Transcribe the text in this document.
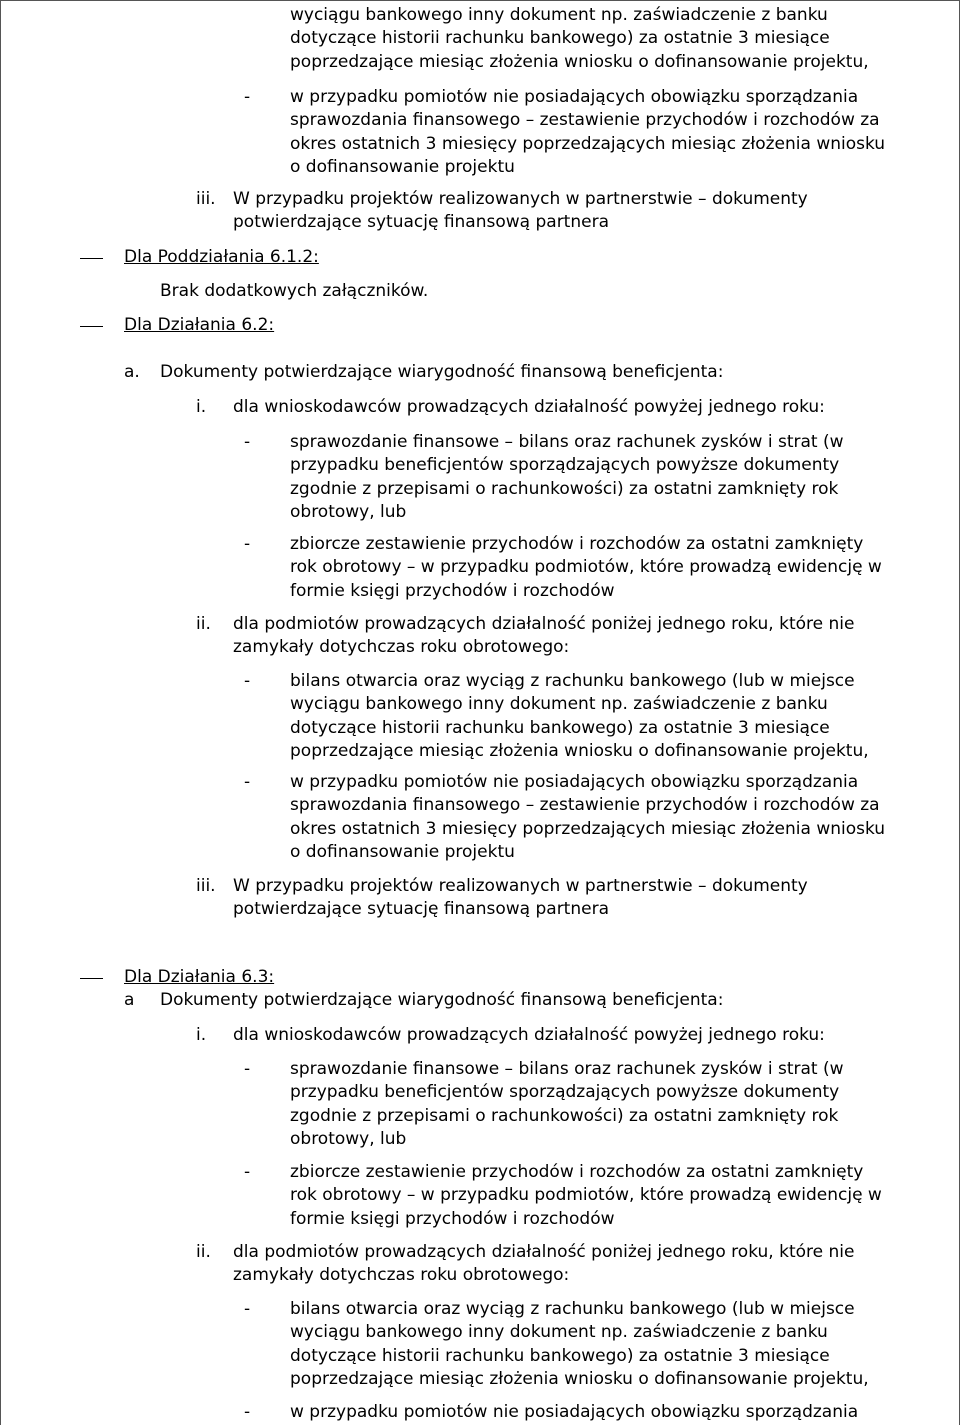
wyciągu bankowego inny dokument np. zaświadczenie z banku
dotyczące historii rachunku bankowego) za ostatnie 3 miesiące
poprzedzające miesiąc złożenia wniosku o dofinansowanie projektu,
- w przypadku pomiotów nie posiadających obowiązku sporządzania
sprawozdania finansowego – zestawienie przychodów i rozchodów za
okres ostatnich 3 miesięcy poprzedzających miesiąc złożenia wniosku
o dofinansowanie projektu
iii. W przypadku projektów realizowanych w partnerstwie – dokumenty
potwierdzające sytuację finansową partnera
Dla Poddziałania 6.1.2:
Brak dodatkowych załączników.
Dla Działania 6.2:
a. Dokumenty potwierdzające wiarygodność finansową beneficjenta:
i. dla wnioskodawców prowadzących działalność powyżej jednego roku:
- sprawozdanie finansowe – bilans oraz rachunek zysków i strat (w
przypadku beneficjentów sporządzających powyższe dokumenty
zgodnie z przepisami o rachunkowości) za ostatni zamknięty rok
obrotowy, lub
- zbiorcze zestawienie przychodów i rozchodów za ostatni zamknięty
rok obrotowy – w przypadku podmiotów, które prowadzą ewidencję w
formie księgi przychodów i rozchodów
ii. dla podmiotów prowadzących działalność poniżej jednego roku, które nie
zamykały dotychczas roku obrotowego:
- bilans otwarcia oraz wyciąg z rachunku bankowego (lub w miejsce
wyciągu bankowego inny dokument np. zaświadczenie z banku
dotyczące historii rachunku bankowego) za ostatnie 3 miesiące
poprzedzające miesiąc złożenia wniosku o dofinansowanie projektu,
- w przypadku pomiotów nie posiadających obowiązku sporządzania
sprawozdania finansowego – zestawienie przychodów i rozchodów za
okres ostatnich 3 miesięcy poprzedzających miesiąc złożenia wniosku
o dofinansowanie projektu
iii. W przypadku projektów realizowanych w partnerstwie – dokumenty
potwierdzające sytuację finansową partnera
Dla Działania 6.3:
a Dokumenty potwierdzające wiarygodność finansową beneficjenta:
i. dla wnioskodawców prowadzących działalność powyżej jednego roku:
- sprawozdanie finansowe – bilans oraz rachunek zysków i strat (w
przypadku beneficjentów sporządzających powyższe dokumenty
zgodnie z przepisami o rachunkowości) za ostatni zamknięty rok
obrotowy, lub
- zbiorcze zestawienie przychodów i rozchodów za ostatni zamknięty
rok obrotowy – w przypadku podmiotów, które prowadzą ewidencję w
formie księgi przychodów i rozchodów
ii. dla podmiotów prowadzących działalność poniżej jednego roku, które nie
zamykały dotychczas roku obrotowego:
- bilans otwarcia oraz wyciąg z rachunku bankowego (lub w miejsce
wyciągu bankowego inny dokument np. zaświadczenie z banku
dotyczące historii rachunku bankowego) za ostatnie 3 miesiące
poprzedzające miesiąc złożenia wniosku o dofinansowanie projektu,
- w przypadku pomiotów nie posiadających obowiązku sporządzania
